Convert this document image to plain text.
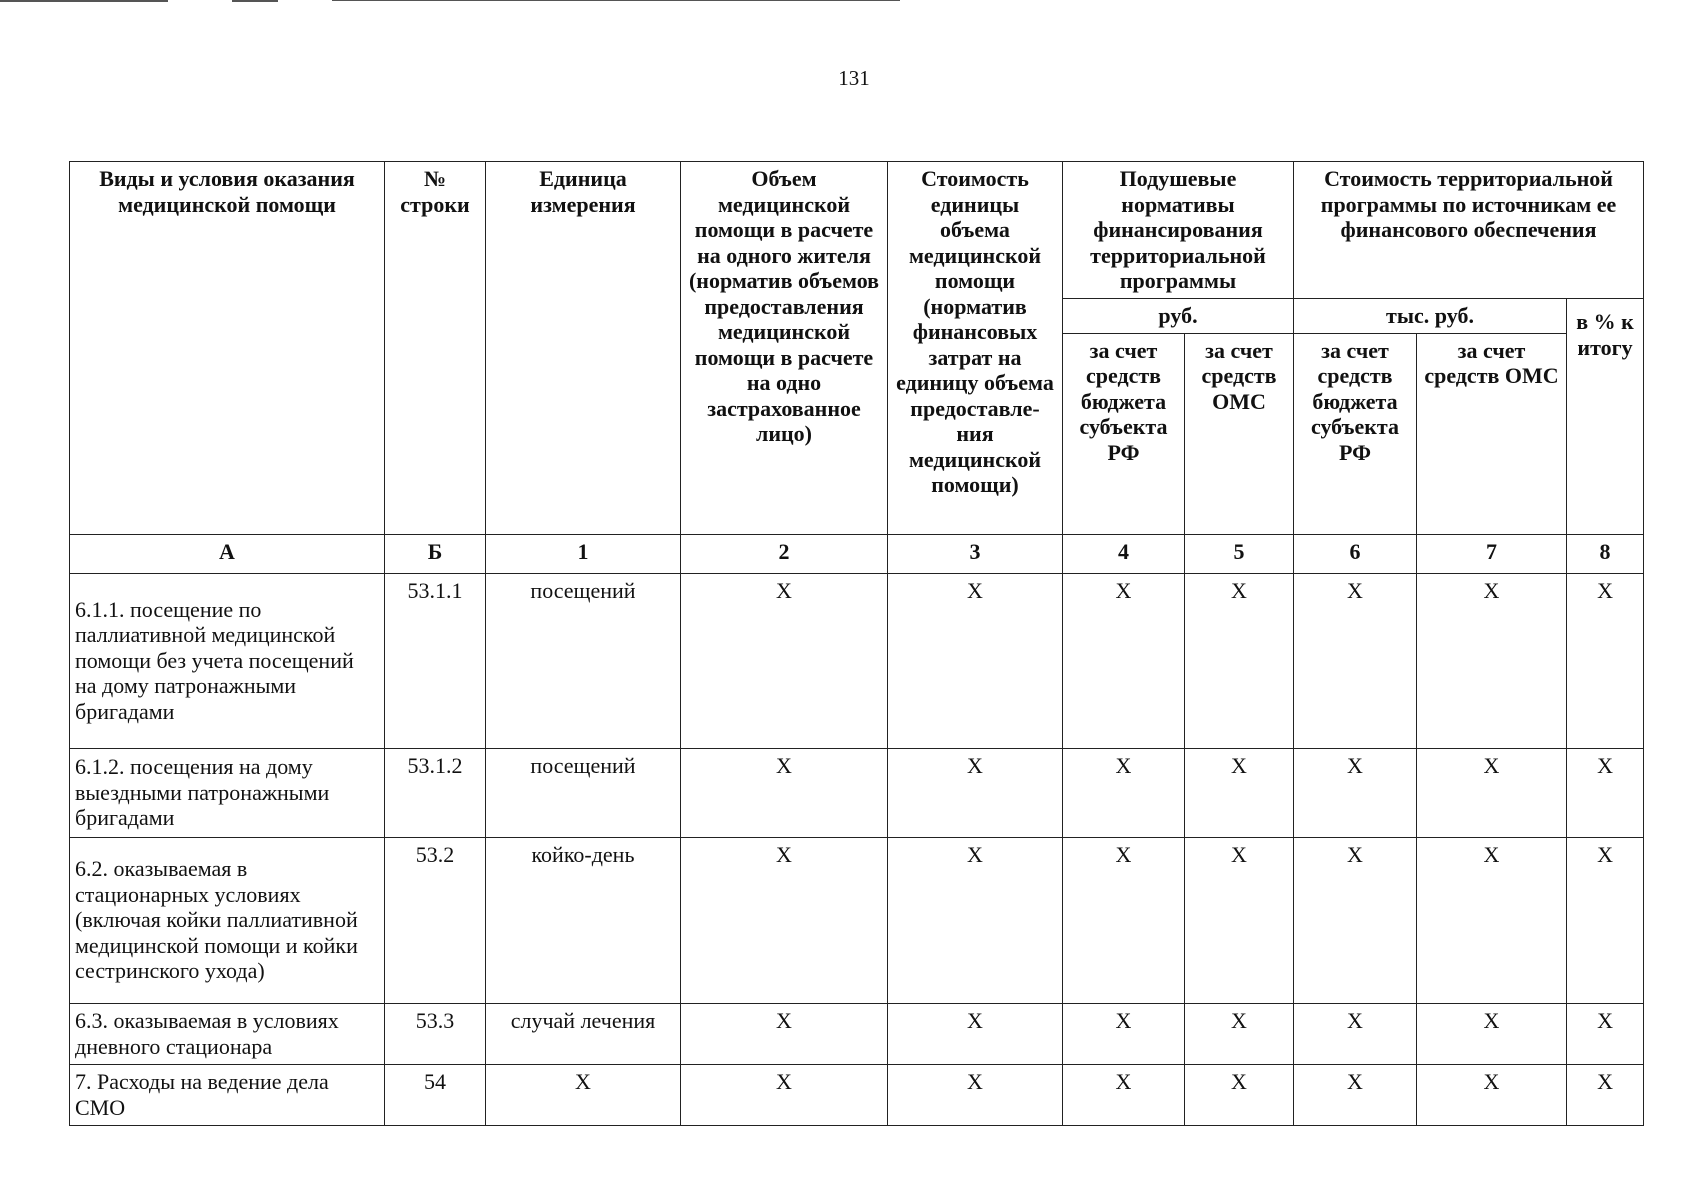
131
Виды и условия оказания медицинской помощи	№ строки	Единица измерения	Объем медицинской помощи в расчете на одного жителя (норматив объемов предоставления медицинской помощи в расчете на одно застрахованное лицо)	Стоимость единицы объема медицинской помощи (норматив финансовых затрат на единицу объема предоставле-ния медицинской помощи)	Подушевые нормативы финансирования территориальной программы		Стоимость территориальной программы по источникам ее финансового обеспечения		
					руб.		тыс. руб.		в % к итогу
					за счет средств бюджета субъекта РФ	за счет средств ОМС	за счет средств бюджета субъекта РФ	за счет средств ОМС	
А	Б	1	2	3	4	5	6	7	8
6.1.1. посещение по паллиативной медицинской помощи без учета посещений на дому патронажными бригадами	53.1.1	посещений	X	X	X	X	X	X	X
6.1.2. посещения на дому выездными патронажными бригадами	53.1.2	посещений	X	X	X	X	X	X	X
6.2. оказываемая в стационарных условиях (включая койки паллиативной медицинской помощи и койки сестринского ухода)	53.2	койко-день	X	X	X	X	X	X	X
6.3. оказываемая в условиях дневного стационара	53.3	случай лечения	X	X	X	X	X	X	X
7. Расходы на ведение дела СМО	54	X	X	X	X	X	X	X	X
